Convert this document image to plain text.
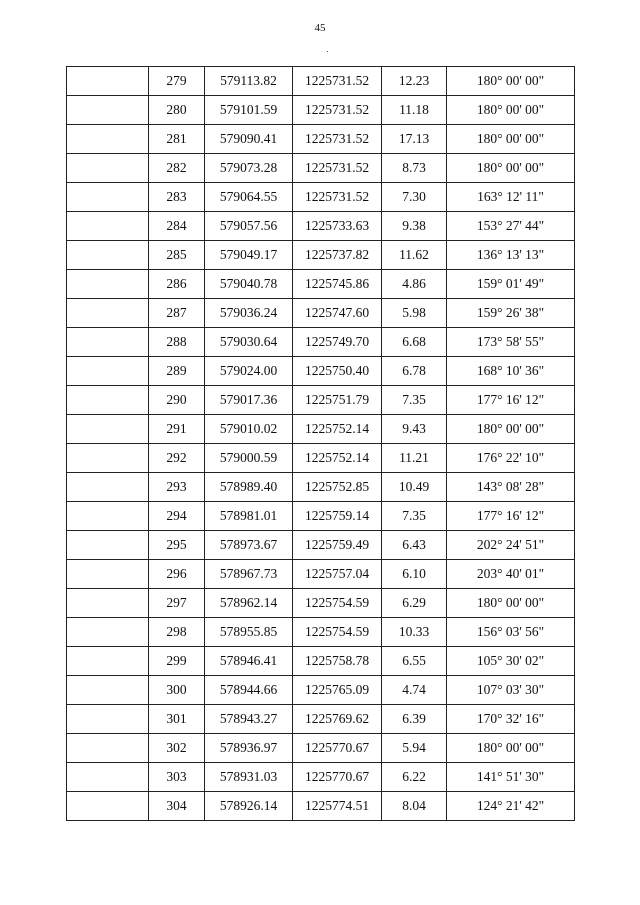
45
	279	579113.82	1225731.52	12.23	180° 00' 00"
	280	579101.59	1225731.52	11.18	180° 00' 00"
	281	579090.41	1225731.52	17.13	180° 00' 00"
	282	579073.28	1225731.52	8.73	180° 00' 00"
	283	579064.55	1225731.52	7.30	163° 12' 11"
	284	579057.56	1225733.63	9.38	153° 27' 44"
	285	579049.17	1225737.82	11.62	136° 13' 13"
	286	579040.78	1225745.86	4.86	159° 01' 49"
	287	579036.24	1225747.60	5.98	159° 26' 38"
	288	579030.64	1225749.70	6.68	173° 58' 55"
	289	579024.00	1225750.40	6.78	168° 10' 36"
	290	579017.36	1225751.79	7.35	177° 16' 12"
	291	579010.02	1225752.14	9.43	180° 00' 00"
	292	579000.59	1225752.14	11.21	176° 22' 10"
	293	578989.40	1225752.85	10.49	143° 08' 28"
	294	578981.01	1225759.14	7.35	177° 16' 12"
	295	578973.67	1225759.49	6.43	202° 24' 51"
	296	578967.73	1225757.04	6.10	203° 40' 01"
	297	578962.14	1225754.59	6.29	180° 00' 00"
	298	578955.85	1225754.59	10.33	156° 03' 56"
	299	578946.41	1225758.78	6.55	105° 30' 02"
	300	578944.66	1225765.09	4.74	107° 03' 30"
	301	578943.27	1225769.62	6.39	170° 32' 16"
	302	578936.97	1225770.67	5.94	180° 00' 00"
	303	578931.03	1225770.67	6.22	141° 51' 30"
	304	578926.14	1225774.51	8.04	124° 21' 42"
